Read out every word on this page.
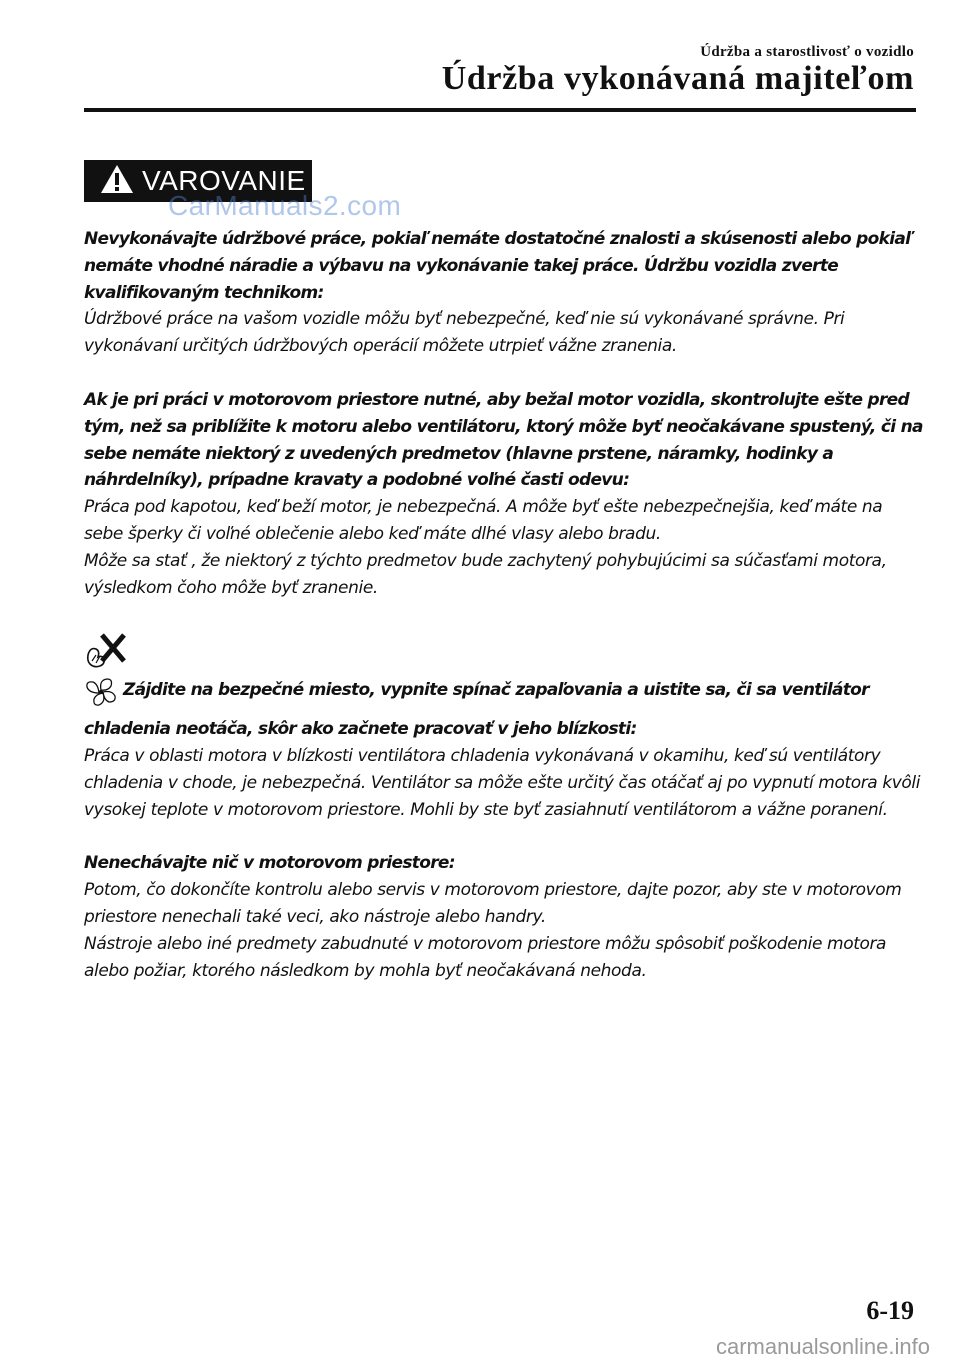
Údržba a starostlivosť o vozidlo
Údržba vykonávaná majiteľom
VAROVANIE
CarManuals2.com

Nevykonávajte údržbové práce, pokiaľ nemáte dostatočné znalosti a skúsenosti alebo pokiaľ nemáte vhodné náradie a výbavu na vykonávanie takej práce. Údržbu vozidla zverte kvalifikovaným technikom:

Údržbové práce na vašom vozidle môžu byť nebezpečné, keď nie sú vykonávané správne. Pri vykonávaní určitých údržbových operácií môžete utrpieť vážne zranenia.

Ak je pri práci v motorovom priestore nutné, aby bežal motor vozidla, skontrolujte ešte pred tým, než sa priblížite k motoru alebo ventilátoru, ktorý môže byť neočakávane spustený, či na sebe nemáte niektorý z uvedených predmetov (hlavne prstene, náramky, hodinky a náhrdelníky), prípadne kravaty a podobné voľné časti odevu:

Práca pod kapotou, keď beží motor, je nebezpečná. A môže byť ešte nebezpečnejšia, keď máte na sebe šperky či voľné oblečenie alebo keď máte dlhé vlasy alebo bradu.

Môže sa stať , že niektorý z týchto predmetov bude zachytený pohybujúcimi sa súčasťami motora, výsledkom čoho môže byť zranenie.

Zájdite na bezpečné miesto, vypnite spínač zapaľovania a uistite sa, či sa ventilátor chladenia neotáča, skôr ako začnete pracovať v jeho blízkosti:

Práca v oblasti motora v blízkosti ventilátora chladenia vykonávaná v okamihu, keď sú ventilátory chladenia v chode, je nebezpečná. Ventilátor sa môže ešte určitý čas otáčať aj po vypnutí motora kvôli vysokej teplote v motorovom priestore. Mohli by ste byť zasiahnutí ventilátorom a vážne poranení.

Nenechávajte nič v motorovom priestore:

Potom, čo dokončíte kontrolu alebo servis v motorovom priestore, dajte pozor, aby ste v motorovom priestore nenechali také veci, ako nástroje alebo handry.

Nástroje alebo iné predmety zabudnuté v motorovom priestore môžu spôsobiť poškodenie motora alebo požiar, ktorého následkom by mohla byť neočakávaná nehoda.

6-19
carmanualsonline.info
